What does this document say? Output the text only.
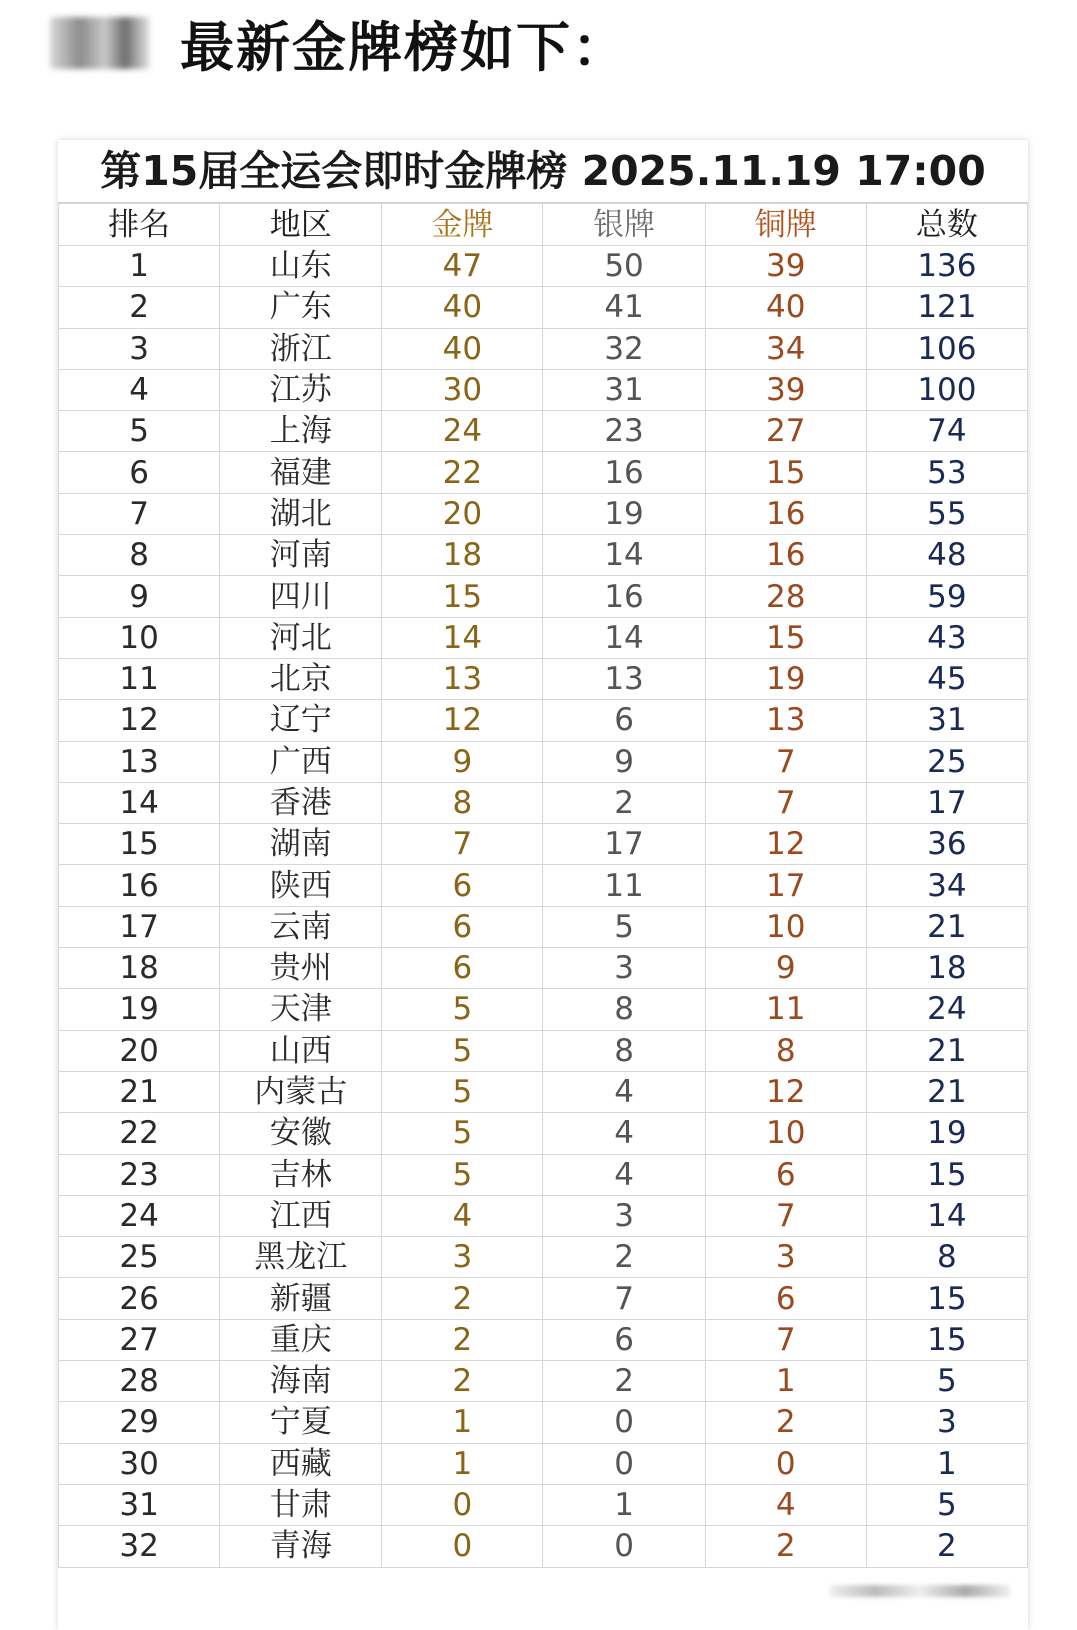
最新金牌榜如下：
第15届全运会即时金牌榜 2025.11.19 17:00
排名	地区	金牌	银牌	铜牌	总数
1	山东	47	50	39	136
2	广东	40	41	40	121
3	浙江	40	32	34	106
4	江苏	30	31	39	100
5	上海	24	23	27	74
6	福建	22	16	15	53
7	湖北	20	19	16	55
8	河南	18	14	16	48
9	四川	15	16	28	59
10	河北	14	14	15	43
11	北京	13	13	19	45
12	辽宁	12	6	13	31
13	广西	9	9	7	25
14	香港	8	2	7	17
15	湖南	7	17	12	36
16	陕西	6	11	17	34
17	云南	6	5	10	21
18	贵州	6	3	9	18
19	天津	5	8	11	24
20	山西	5	8	8	21
21	内蒙古	5	4	12	21
22	安徽	5	4	10	19
23	吉林	5	4	6	15
24	江西	4	3	7	14
25	黑龙江	3	2	3	8
26	新疆	2	7	6	15
27	重庆	2	6	7	15
28	海南	2	2	1	5
29	宁夏	1	0	2	3
30	西藏	1	0	0	1
31	甘肃	0	1	4	5
32	青海	0	0	2	2
